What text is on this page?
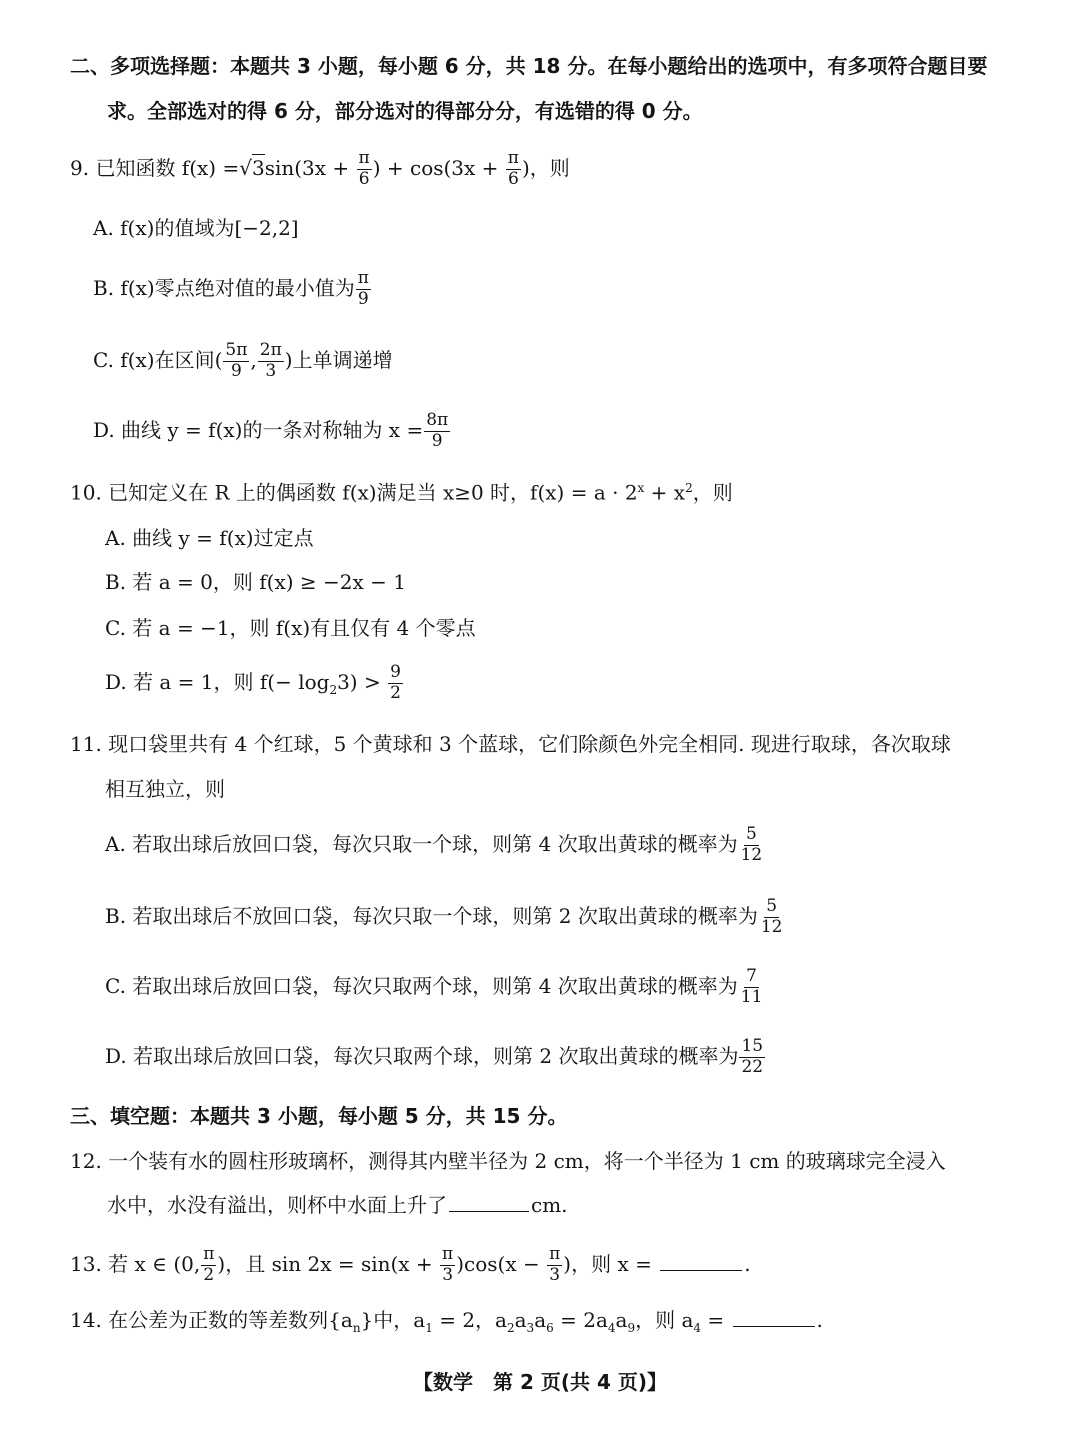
二、多项选择题：本题共 3 小题，每小题 6 分，共 18 分。在每小题给出的选项中，有多项符合题目要
求。全部选对的得 6 分，部分选对的得部分分，有选错的得 0 分。
9. 已知函数 $f(x) =√3\sin(3x + \frac{\pi}{6}$ ) + $\cos(3x + \frac{\pi}{6}$ )，则
A. f(x)的值域为[−2,2]
B. f(x)零点绝对值的最小值为 $\frac{\pi}{9}$
C. f(x)在区间( $\frac{5\pi}{9}$ , $\frac{2\pi}{3}$ )上单调递增
D. 曲线 y = f(x)的一条对称轴为 $x = \frac{8\pi}{9}$
10. 已知定义在 R 上的偶函数 f(x)满足当 x≥0 时，$f(x) = a \cdot 2^x + x^2$，则
A. 曲线 y = f(x)过定点
B. 若 a = 0，则 f(x) ≥ −2x − 1
C. 若 a = −1，则 f(x)有且仅有 4 个零点
D. 若 a = 1，则 $f(- \log_23) > \frac{9}{2}$
11. 现口袋里共有 4 个红球，5 个黄球和 3 个蓝球，它们除颜色外完全相同. 现进行取球，各次取球
相互独立，则
A. 若取出球后放回口袋，每次只取一个球，则第 4 次取出黄球的概率为 $\frac{5}{12}$
B. 若取出球后不放回口袋，每次只取一个球，则第 2 次取出黄球的概率为 $\frac{5}{12}$
C. 若取出球后放回口袋，每次只取两个球，则第 4 次取出黄球的概率为 $\frac{7}{11}$
D. 若取出球后放回口袋，每次只取两个球，则第 2 次取出黄球的概率为 $\frac{15}{22}$
三、填空题：本题共 3 小题，每小题 5 分，共 15 分。
12. 一个装有水的圆柱形玻璃杯，测得其内壁半径为 2 cm，将一个半径为 1 cm 的玻璃球完全浸入
水中，水没有溢出，则杯中水面上升了	cm.
13. 若 x ∈ (0, $\frac{\pi}{2}$ )，且 $\sin 2x = \sin(x + \frac{\pi}{3} )\cos(x - \frac{\pi}{3}$ )，则 x =	.
14. 在公差为正数的等差数列$\{a_n\}$中，$a_1 = 2$，$a_2a_3a_6 = 2a_4a_9$，则 $a_4$ =	.
【数学　第 2 页(共 4 页)】
